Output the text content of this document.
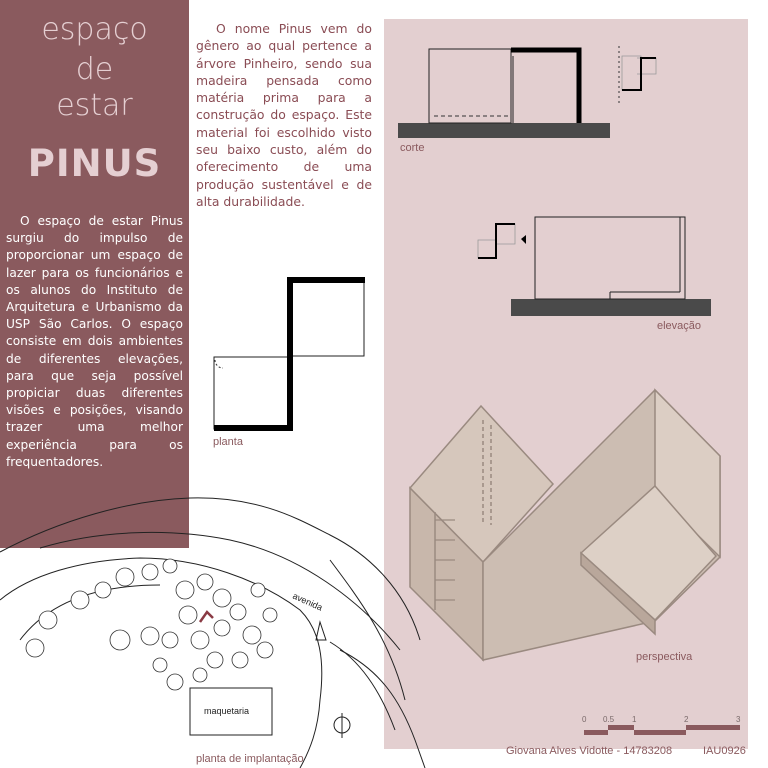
espaço
de
estar
PINUS
O espaço de estar Pinus surgiu do impulso de proporcionar um espaço de lazer para os funcionários e os alunos do Instituto de Arquitetura e Urbanismo da USP São Carlos. O espaço consiste em dois ambientes de diferentes elevações, para que seja possível propiciar duas diferentes visões e posições, visando trazer uma melhor experiência para os frequentadores.
O nome Pinus vem do gênero ao qual pertence a árvore Pinheiro, sendo sua madeira pensada como matéria prima para a construção do espaço. Este material foi escolhido visto seu baixo custo, além do oferecimento de uma produção sustentável e de alta durabilidade.
0 0.5 1	2	3
avenida
maquetaria
corte
elevação
planta
perspectiva
planta de implantação
Giovana Alves Vidotte - 14783208	IAU0926
